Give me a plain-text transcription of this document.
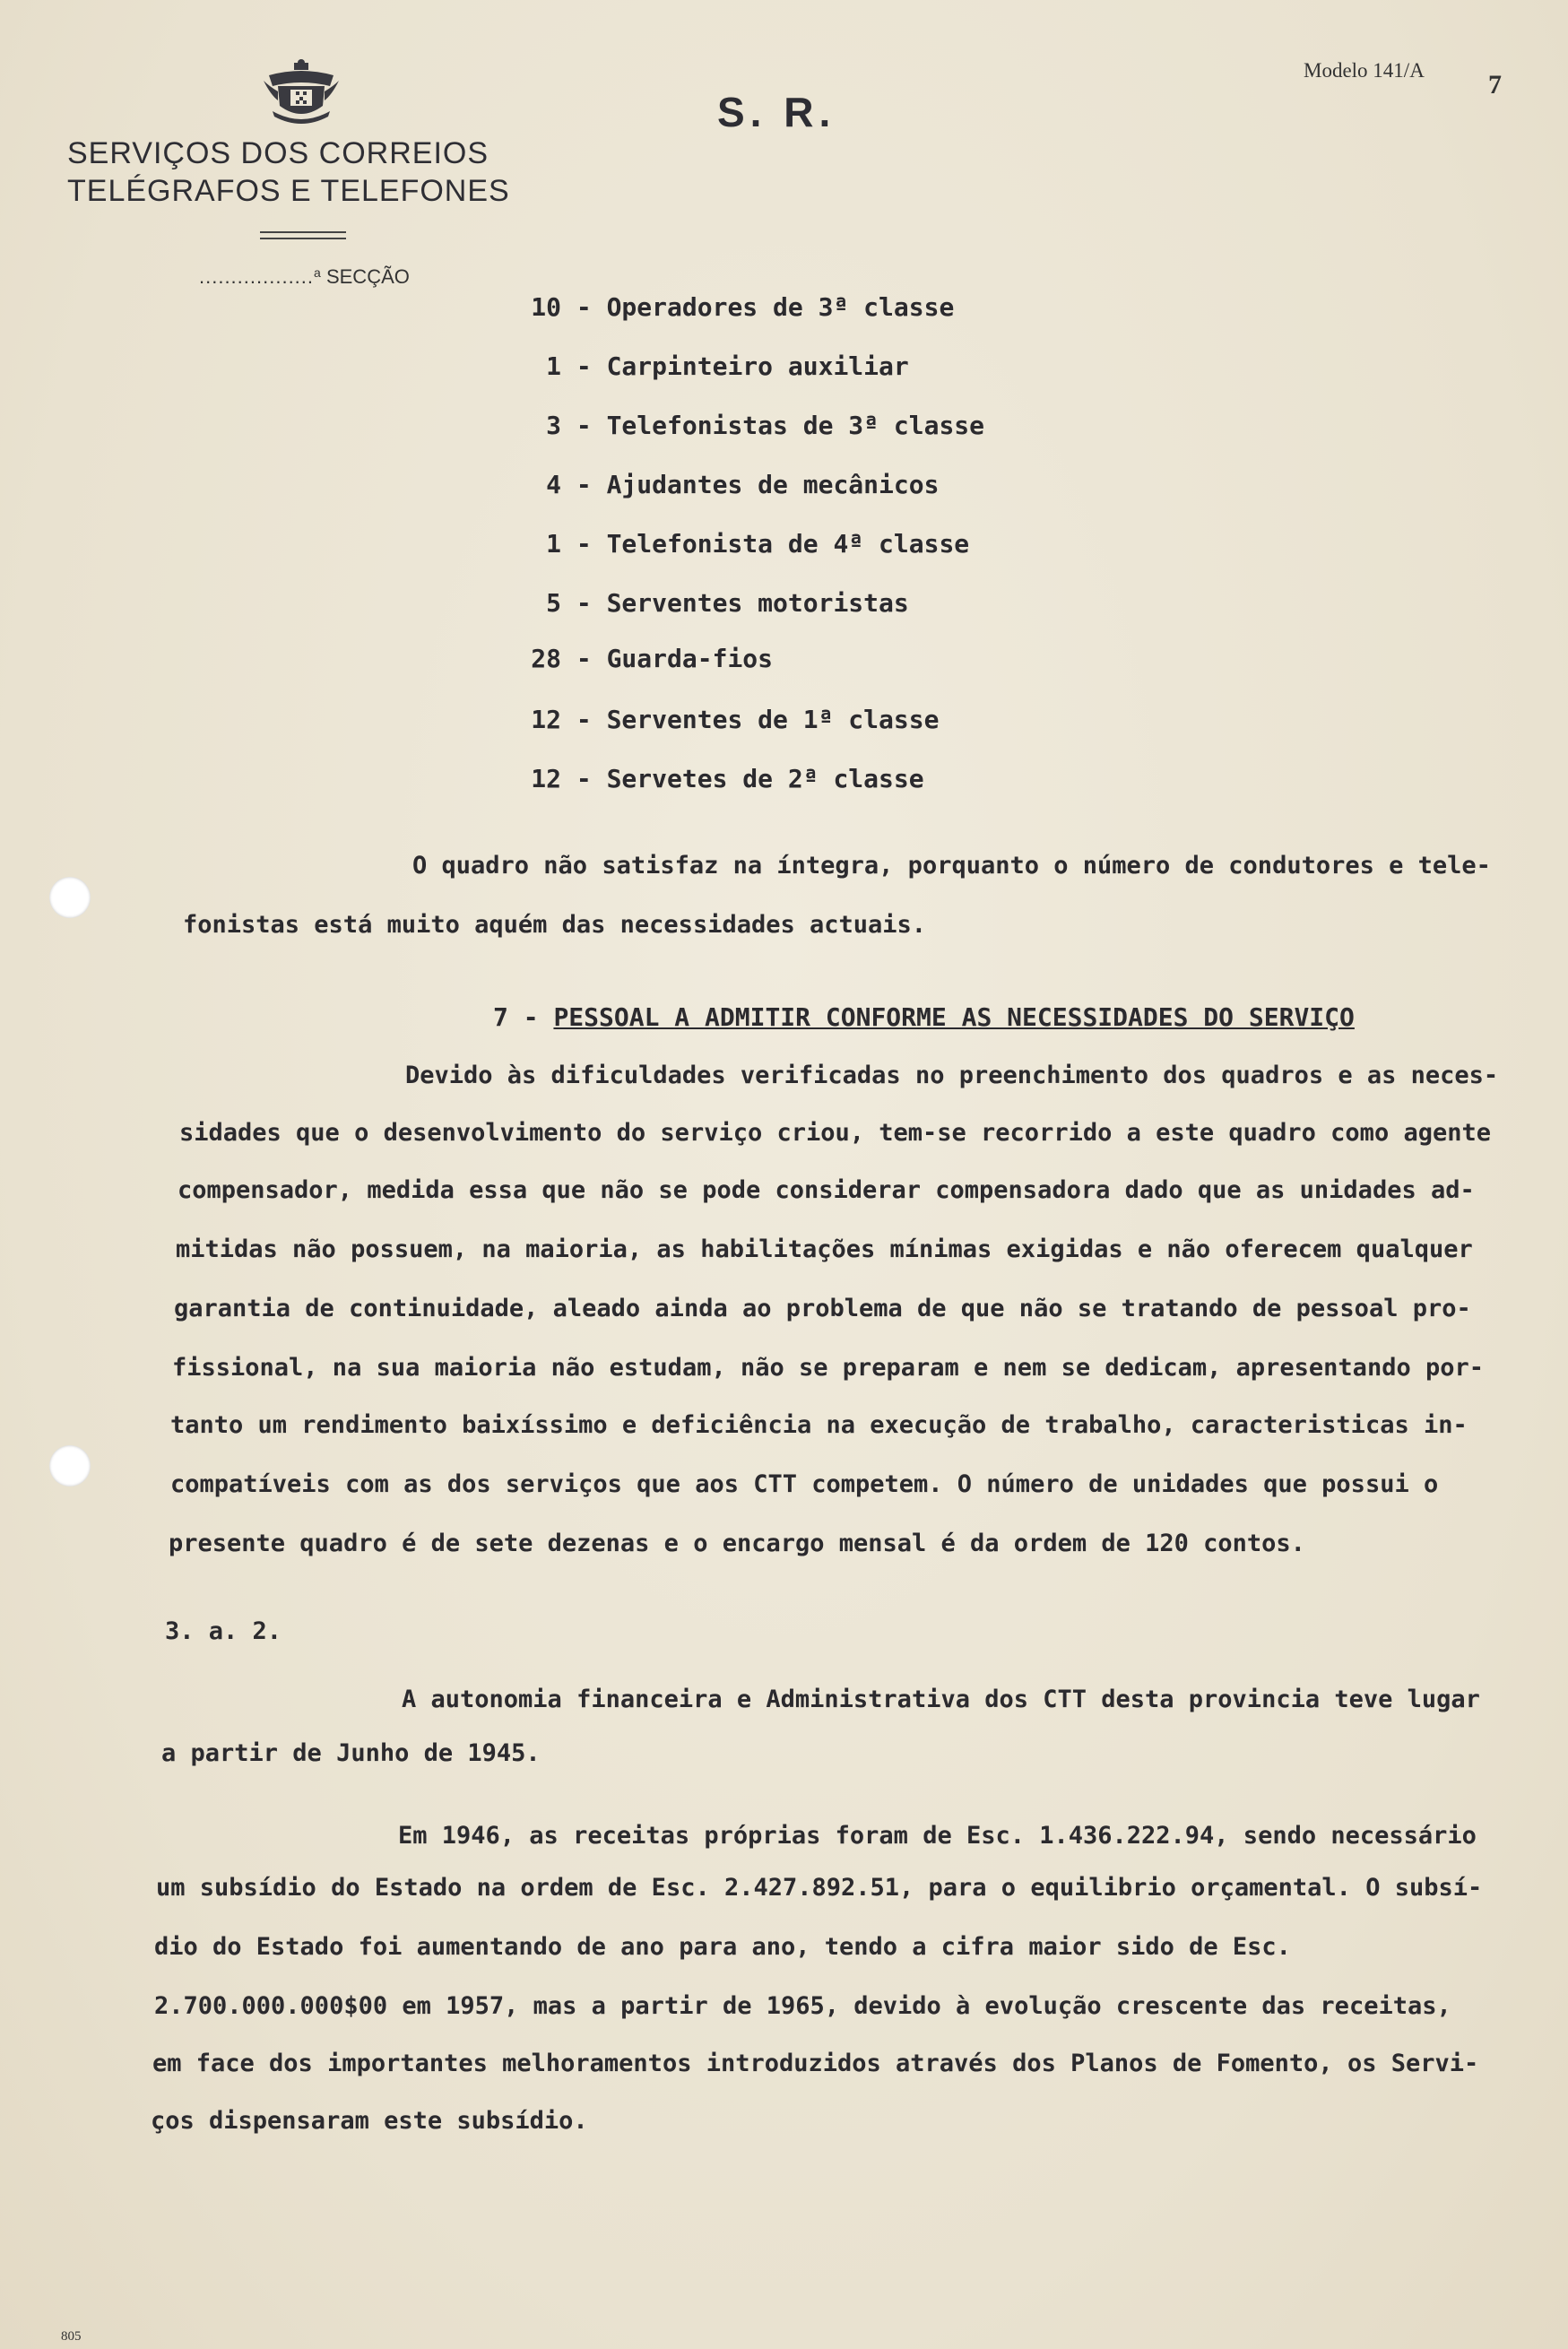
SERVIÇOS DOS CORREIOS
TELÉGRAFOS E TELEFONES
..................$^a$ SECÇÃO
S. R.
Modelo 141/A 7
10 - Operadores de 3ª classe
1 - Carpinteiro auxiliar
3 - Telefonistas de 3ª classe
4 - Ajudantes de mecânicos
1 - Telefonista de 4ª classe
5 - Serventes motoristas
28 - Guarda-fios
12 - Serventes de 1ª classe
12 - Servetes de 2ª classe
O quadro não satisfaz na íntegra, porquanto o número de condutores e tele-
fonistas está muito aquém das necessidades actuais.
7 - PESSOAL A ADMITIR CONFORME AS NECESSIDADES DO SERVIÇO
Devido às dificuldades verificadas no preenchimento dos quadros e as neces-
sidades que o desenvolvimento do serviço criou, tem-se recorrido a este quadro como agente
compensador, medida essa que não se pode considerar compensadora dado que as unidades ad-
mitidas não possuem, na maioria, as habilitações mínimas exigidas e não oferecem qualquer
garantia de continuidade, aleado ainda ao problema de que não se tratando de pessoal pro-
fissional, na sua maioria não estudam, não se preparam e nem se dedicam, apresentando por-
tanto um rendimento baixíssimo e deficiência na execução de trabalho, caracteristicas in-
compatíveis com as dos serviços que aos CTT competem. O número de unidades que possui o
presente quadro é de sete dezenas e o encargo mensal é da ordem de 120 contos.
3. a. 2.
A autonomia financeira e Administrativa dos CTT desta provincia teve lugar
a partir de Junho de 1945.
Em 1946, as receitas próprias foram de Esc. 1.436.222.94, sendo necessário
um subsídio do Estado na ordem de Esc. 2.427.892.51, para o equilibrio orçamental. O subsí-
dio do Estado foi aumentando de ano para ano, tendo a cifra maior sido de Esc.
2.700.000.000$00 em 1957, mas a partir de 1965, devido à evolução crescente das receitas,
em face dos importantes melhoramentos introduzidos através dos Planos de Fomento, os Servi-
ços dispensaram este subsídio.
805
